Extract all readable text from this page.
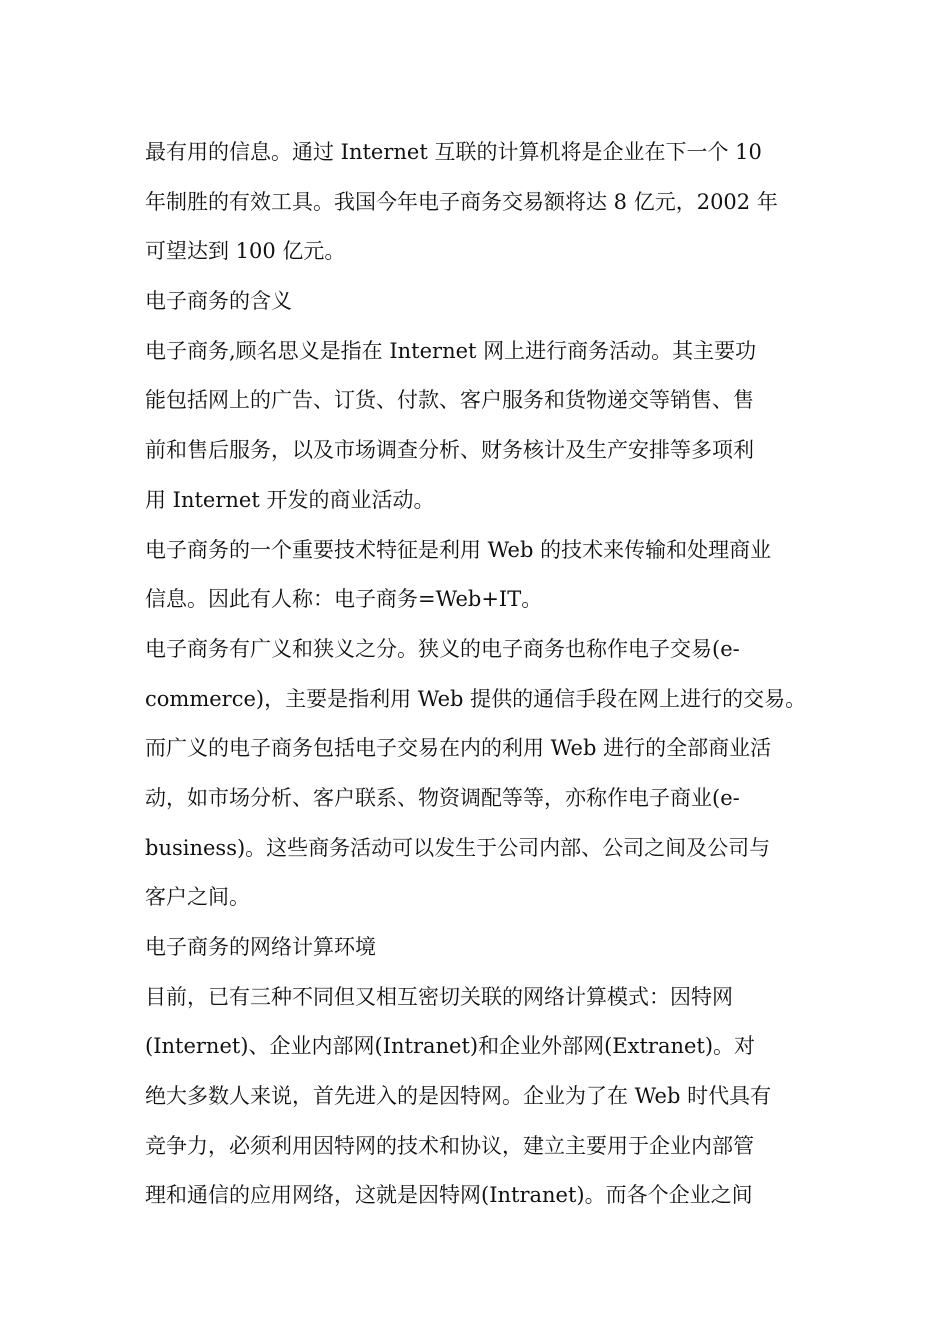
最有用的信息。通过 Internet 互联的计算机将是企业在下一个 10
年制胜的有效工具。我国今年电子商务交易额将达 8 亿元，2002 年
可望达到 100 亿元。
电子商务的含义
电子商务,顾名思义是指在 Internet 网上进行商务活动。其主要功
能包括网上的广告、订货、付款、客户服务和货物递交等销售、售
前和售后服务，以及市场调查分析、财务核计及生产安排等多项利
用 Internet 开发的商业活动。
电子商务的一个重要技术特征是利用 Web 的技术来传输和处理商业
信息。因此有人称：电子商务=Web+IT。
电子商务有广义和狭义之分。狭义的电子商务也称作电子交易(e-
commerce)，主要是指利用 Web 提供的通信手段在网上进行的交易。
而广义的电子商务包括电子交易在内的利用 Web 进行的全部商业活
动，如市场分析、客户联系、物资调配等等，亦称作电子商业(e-
business)。这些商务活动可以发生于公司内部、公司之间及公司与
客户之间。
电子商务的网络计算环境
目前，已有三种不同但又相互密切关联的网络计算模式：因特网
(Internet)、企业内部网(Intranet)和企业外部网(Extranet)。对
绝大多数人来说，首先进入的是因特网。企业为了在 Web 时代具有
竞争力，必须利用因特网的技术和协议，建立主要用于企业内部管
理和通信的应用网络，这就是因特网(Intranet)。而各个企业之间
